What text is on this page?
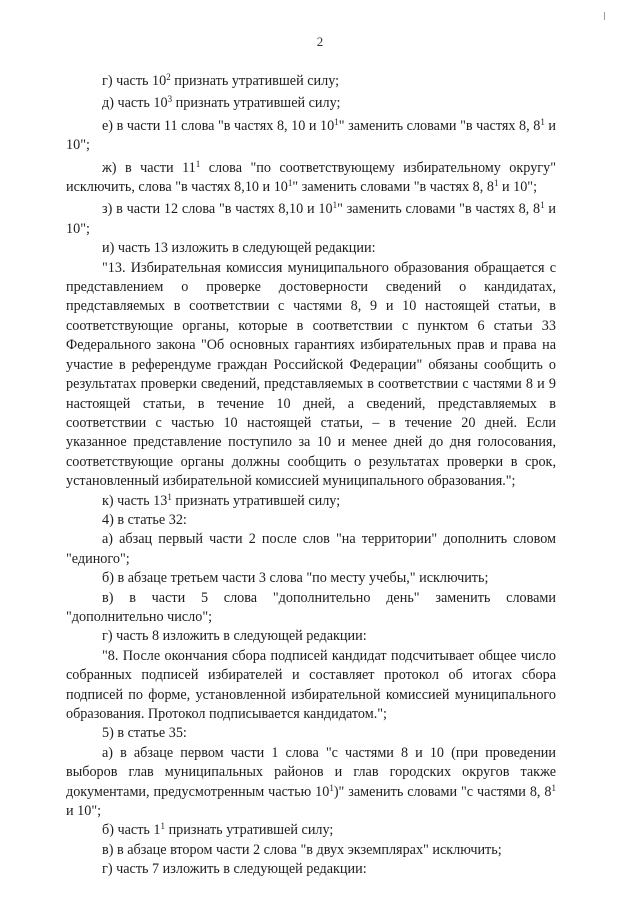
2

г) часть $10^2$ признать утратившей силу;

д) часть $10^3$ признать утратившей силу;

е) в части 11 слова "в частях 8, 10 и $10^1$" заменить словами "в частях 8, $8^1$ и 10";

ж) в части $11^1$ слова "по соответствующему избирательному округу" исключить, слова "в частях 8,10 и $10^1$" заменить словами "в частях 8, $8^1$ и 10";

з) в части 12 слова "в частях 8,10 и $10^1$" заменить словами "в частях 8, $8^1$ и 10";

и) часть 13 изложить в следующей редакции:

"13. Избирательная комиссия муниципального образования обращается с представлением о проверке достоверности сведений о кандидатах, представляемых в соответствии с частями 8, 9 и 10 настоящей статьи, в соответствующие органы, которые в соответствии с пунктом 6 статьи 33 Федерального закона "Об основных гарантиях избирательных прав и права на участие в референдуме граждан Российской Федерации" обязаны сообщить о результатах проверки сведений, представляемых в соответствии с частями 8 и 9 настоящей статьи, в течение 10 дней, а сведений, представляемых в соответствии с частью 10 настоящей статьи, – в течение 20 дней. Если указанное представление поступило за 10 и менее дней до дня голосования, соответствующие органы должны сообщить о результатах проверки в срок, установленный избирательной комиссией муниципального образования.";

к) часть $13^1$ признать утратившей силу;

4) в статье 32:

а) абзац первый части 2 после слов "на территории" дополнить словом "единого";

б) в абзаце третьем части 3 слова "по месту учебы," исключить;

в) в части 5 слова "дополнительно день" заменить словами "дополнительно число";

г) часть 8 изложить в следующей редакции:

"8. После окончания сбора подписей кандидат подсчитывает общее число собранных подписей избирателей и составляет протокол об итогах сбора подписей по форме, установленной избирательной комиссией муниципального образования. Протокол подписывается кандидатом.";

5) в статье 35:

а) в абзаце первом части 1 слова "с частями 8 и 10 (при проведении выборов глав муниципальных районов и глав городских округов также документами, предусмотренным частью $10^1$)" заменить словами "с частями 8, $8^1$ и 10";

б) часть $1^1$ признать утратившей силу;

в) в абзаце втором части 2 слова "в двух экземплярах" исключить;

г) часть 7 изложить в следующей редакции:
